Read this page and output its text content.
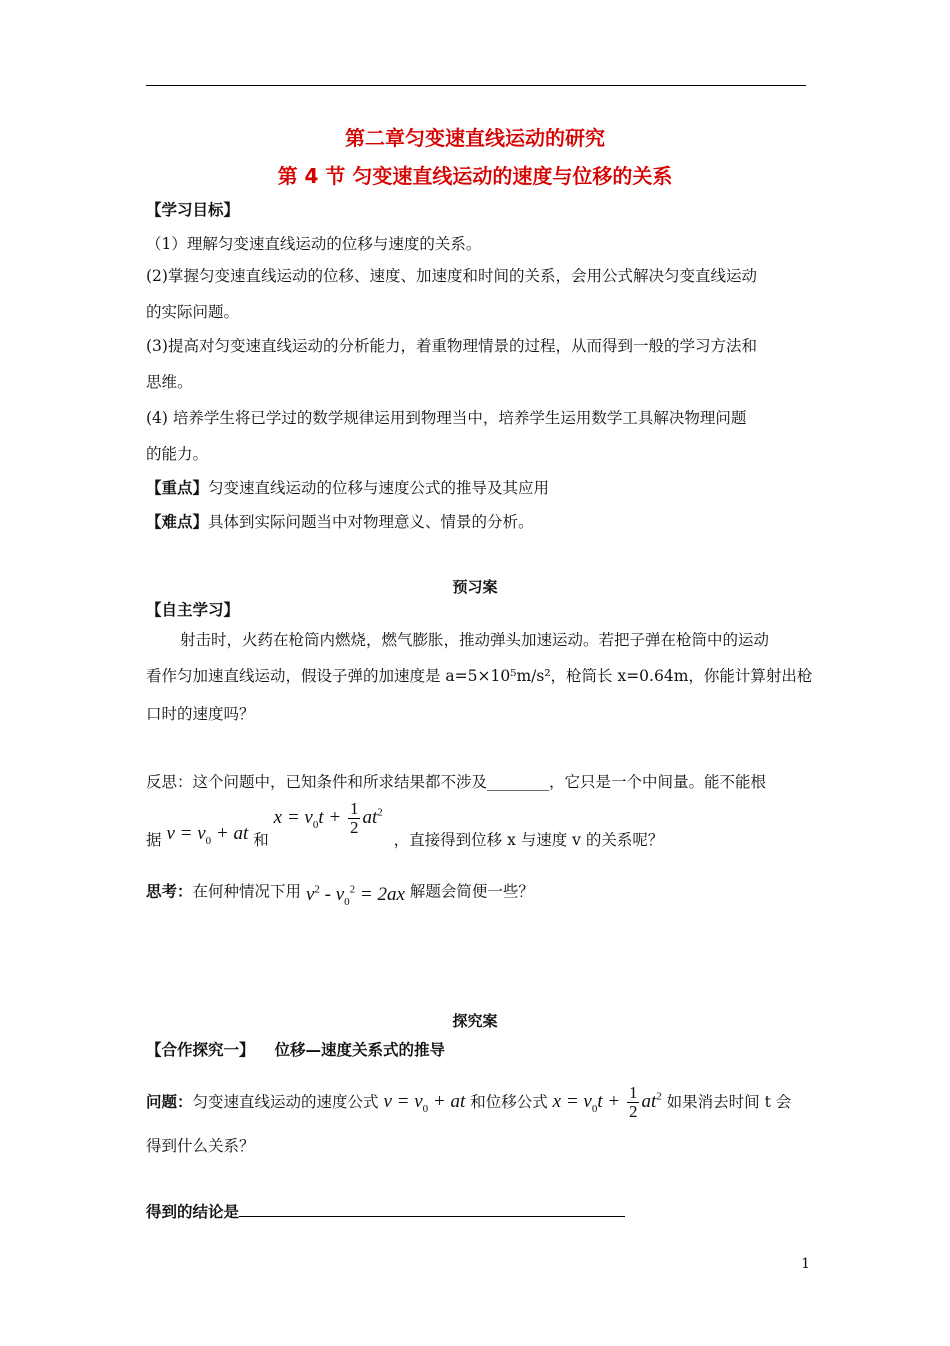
第二章匀变速直线运动的研究
第 4 节 匀变速直线运动的速度与位移的关系
【学习目标】
（1）理解匀变速直线运动的位移与速度的关系。
(2)掌握匀变速直线运动的位移、速度、加速度和时间的关系，会用公式解决匀变直线运动
的实际问题。
(3)提高对匀变速直线运动的分析能力，着重物理情景的过程，从而得到一般的学习方法和
思维。
(4) 培养学生将已学过的数学规律运用到物理当中，培养学生运用数学工具解决物理问题
的能力。
【重点】匀变速直线运动的位移与速度公式的推导及其应用
【难点】具体到实际问题当中对物理意义、情景的分析。
预习案
【自主学习】
射击时，火药在枪筒内燃烧，燃气膨胀，推动弹头加速运动。若把子弹在枪筒中的运动
看作匀加速直线运动，假设子弹的加速度是 a=5×10⁵m/s²，枪筒长 x=0.64m，你能计算射出枪
口时的速度吗？
反思：这个问题中，已知条件和所求结果都不涉及________，它只是一个中间量。能不能根
据 $v = v_0$ + at 和 $x = v_0t + \frac{1}{2} at^2$ ，直接得到位移 x 与速度 v 的关系呢？
思考：在何种情况下用 $v^2 - v_0^2 = 2ax$ 解题会简便一些？
探究案
【合作探究一】 位移—速度关系式的推导
问题：匀变速直线运动的速度公式 $v = v_0$ + at 和位移公式 $x = v_0t + \frac{1}{2} at^2$ 如果消去时间 t 会
得到什么关系？
得到的结论是
1
